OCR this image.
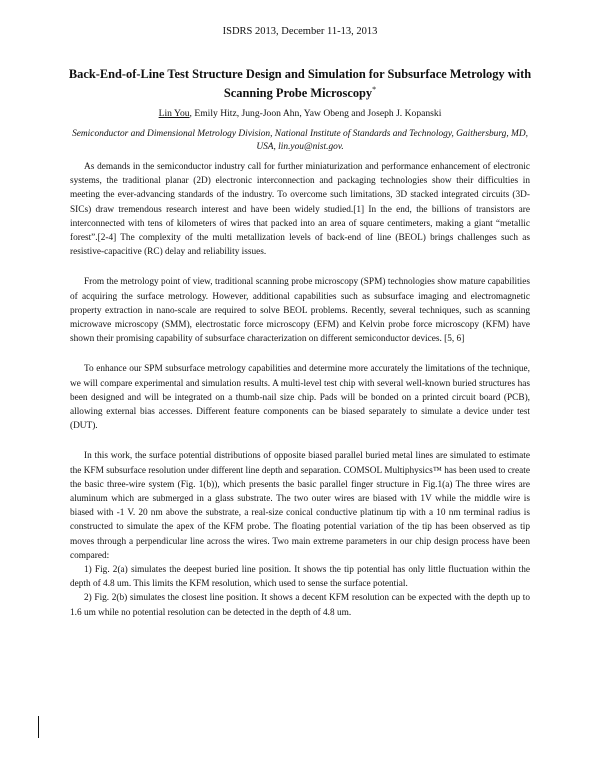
ISDRS 2013, December 11-13, 2013
Back-End-of-Line Test Structure Design and Simulation for Subsurface Metrology with Scanning Probe Microscopy*
Lin You, Emily Hitz, Jung-Joon Ahn, Yaw Obeng and Joseph J. Kopanski
Semiconductor and Dimensional Metrology Division, National Institute of Standards and Technology, Gaithersburg, MD, USA, lin.you@nist.gov.

As demands in the semiconductor industry call for further miniaturization and performance enhancement of electronic systems, the traditional planar (2D) electronic interconnection and packaging technologies show their difficulties in meeting the ever-advancing standards of the industry. To overcome such limitations, 3D stacked integrated circuits (3D-SICs) draw tremendous research interest and have been widely studied.[1] In the end, the billions of transistors are interconnected with tens of kilometers of wires that packed into an area of square centimeters, making a giant “metallic forest”.[2-4] The complexity of the multi metallization levels of back-end of line (BEOL) brings challenges such as resistive-capacitive (RC) delay and reliability issues.

From the metrology point of view, traditional scanning probe microscopy (SPM) technologies show mature capabilities of acquiring the surface metrology. However, additional capabilities such as subsurface imaging and electromagnetic property extraction in nano-scale are required to solve BEOL problems. Recently, several techniques, such as scanning microwave microscopy (SMM), electrostatic force microscopy (EFM) and Kelvin probe force microscopy (KFM) have shown their promising capability of subsurface characterization on different semiconductor devices. [5, 6]

To enhance our SPM subsurface metrology capabilities and determine more accurately the limitations of the technique, we will compare experimental and simulation results. A multi-level test chip with several well-known buried structures has been designed and will be integrated on a thumb-nail size chip. Pads will be bonded on a printed circuit board (PCB), allowing external bias accesses. Different feature components can be biased separately to simulate a device under test (DUT).

In this work, the surface potential distributions of opposite biased parallel buried metal lines are simulated to estimate the KFM subsurface resolution under different line depth and separation. COMSOL Multiphysics™ has been used to create the basic three-wire system (Fig. 1(b)), which presents the basic parallel finger structure in Fig.1(a) The three wires are aluminum which are submerged in a glass substrate. The two outer wires are biased with 1V while the middle wire is biased with -1 V. 20 nm above the substrate, a real-size conical conductive platinum tip with a 10 nm terminal radius is constructed to simulate the apex of the KFM probe. The floating potential variation of the tip has been observed as tip moves through a perpendicular line across the wires. Two main extreme parameters in our chip design process have been compared:

1) Fig. 2(a) simulates the deepest buried line position. It shows the tip potential has only little fluctuation within the depth of 4.8 um. This limits the KFM resolution, which used to sense the surface potential.

2) Fig. 2(b) simulates the closest line position. It shows a decent KFM resolution can be expected with the depth up to 1.6 um while no potential resolution can be detected in the depth of 4.8 um.
